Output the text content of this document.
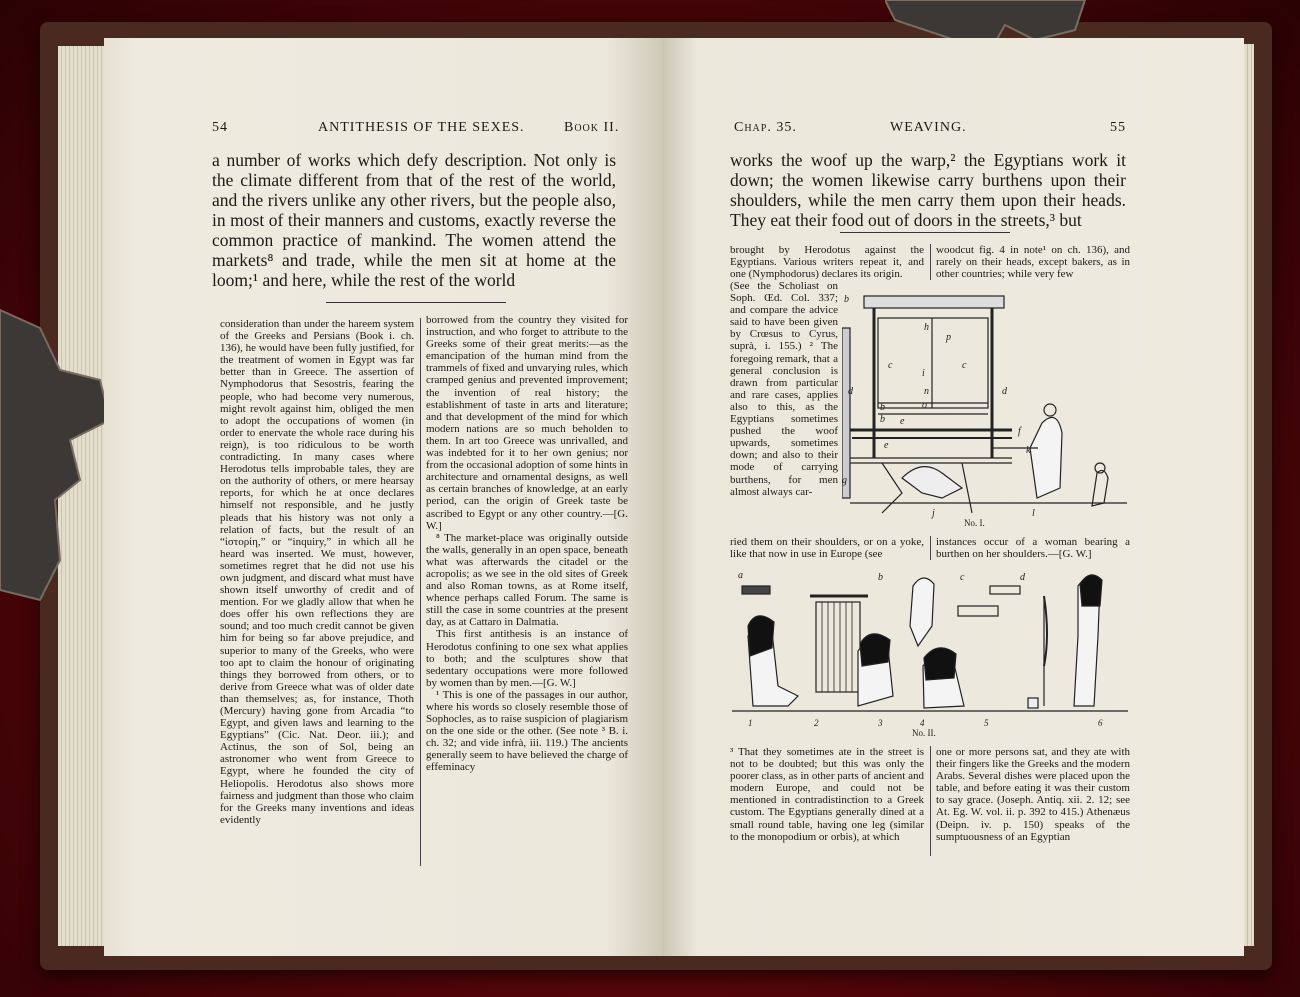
54	ANTITHESIS OF THE SEXES.	Book II.

a number of works which defy description. Not only is the climate different from that of the rest of the world, and the rivers unlike any other rivers, but the people also, in most of their manners and customs, exactly reverse the common practice of mankind. The women attend the markets⁸ and trade, while the men sit at home at the loom;¹ and here, while the rest of the world

consideration than under the hareem system of the Greeks and Persians (Book i. ch. 136), he would have been fully justified, for the treatment of women in Egypt was far better than in Greece. The assertion of Nymphodorus that Sesostris, fearing the people, who had become very numerous, might revolt against him, obliged the men to adopt the occupations of women (in order to enervate the whole race during his reign), is too ridiculous to be worth contradicting. In many cases where Herodotus tells improbable tales, they are on the authority of others, or mere hearsay reports, for which he at once declares himself not responsible, and he justly pleads that his history was not only a relation of facts, but the result of an “ἱστορίη,” or “inquiry,” in which all he heard was inserted. We must, however, sometimes regret that he did not use his own judgment, and discard what must have shown itself unworthy of credit and of mention. For we gladly allow that when he does offer his own reflections they are sound; and too much credit cannot be given him for being so far above prejudice, and superior to many of the Greeks, who were too apt to claim the honour of originating things they borrowed from others, or to derive from Greece what was of older date than themselves; as, for instance, Thoth (Mercury) having gone from Arcadia “to Egypt, and given laws and learning to the Egyptians” (Cic. Nat. Deor. iii.); and Actinus, the son of Sol, being an astronomer who went from Greece to Egypt, where he founded the city of Heliopolis. Herodotus also shows more fairness and judgment than those who claim for the Greeks many inventions and ideas evidently

borrowed from the country they visited for instruction, and who forget to attribute to the Greeks some of their great merits:—as the emancipation of the human mind from the trammels of fixed and unvarying rules, which cramped genius and prevented improvement; the invention of real history; the establishment of taste in arts and literature; and that development of the mind for which modern nations are so much beholden to them. In art too Greece was unrivalled, and was indebted for it to her own genius; nor from the occasional adoption of some hints in architecture and ornamental designs, as well as certain branches of knowledge, at an early period, can the origin of Greek taste be ascribed to Egypt or any other country.—[G. W.]

⁸ The market-place was originally outside the walls, generally in an open space, beneath what was afterwards the citadel or the acropolis; as we see in the old sites of Greek and also Roman towns, as at Rome itself, whence perhaps called Forum. The same is still the case in some countries at the present day, as at Cattaro in Dalmatia.

This first antithesis is an instance of Herodotus confining to one sex what applies to both; and the sculptures show that sedentary occupations were more followed by women than by men.—[G. W.]

¹ This is one of the passages in our author, where his words so closely resemble those of Sophocles, as to raise suspicion of plagiarism on the one side or the other. (See note ³ B. i. ch. 32; and vide infrà, iii. 119.) The ancients generally seem to have believed the charge of effeminacy

Chap. 35.	WEAVING.	55

works the woof up the warp,² the Egyptians work it down; the women likewise carry burthens upon their shoulders, while the men carry them upon their heads. They eat their food out of doors in the streets,³ but

brought by Herodotus against the Egyptians. Various writers repeat it, and one (Nymphodorus) declares its origin.

woodcut fig. 4 in note¹ on ch. 136), and rarely on their heads, except bakers, as in other countries; while very few

(See the Scholiast on Soph. Œd. Col. 337; and compare the advice said to have been given by Crœsus to Cyrus, suprà, i. 155.) ² The foregoing remark, that a general conclusion is drawn from particular and rare cases, applies also to this, as the Egyptians sometimes pushed the woof upwards, sometimes down; and also to their mode of carrying burthens, for men almost always car-

b
h
p
c
i
c
n
d	d
b	o
b e
f
k
e
g
j	l
No. I.

ried them on their shoulders, or on a yoke, like that now in use in Europe (see

instances occur of a woman bearing a burthen on her shoulders.—[G. W.]

a	b	c	d
1	2	3	4	5	6
No. II.

³ That they sometimes ate in the street is not to be doubted; but this was only the poorer class, as in other parts of ancient and modern Europe, and could not be mentioned in contradistinction to a Greek custom. The Egyptians generally dined at a small round table, having one leg (similar to the monopodium or orbis), at which

one or more persons sat, and they ate with their fingers like the Greeks and the modern Arabs. Several dishes were placed upon the table, and before eating it was their custom to say grace. (Joseph. Antiq. xii. 2. 12; see At. Eg. W. vol. ii. p. 392 to 415.) Athenæus (Deipn. iv. p. 150) speaks of the sumptuousness of an Egyptian
